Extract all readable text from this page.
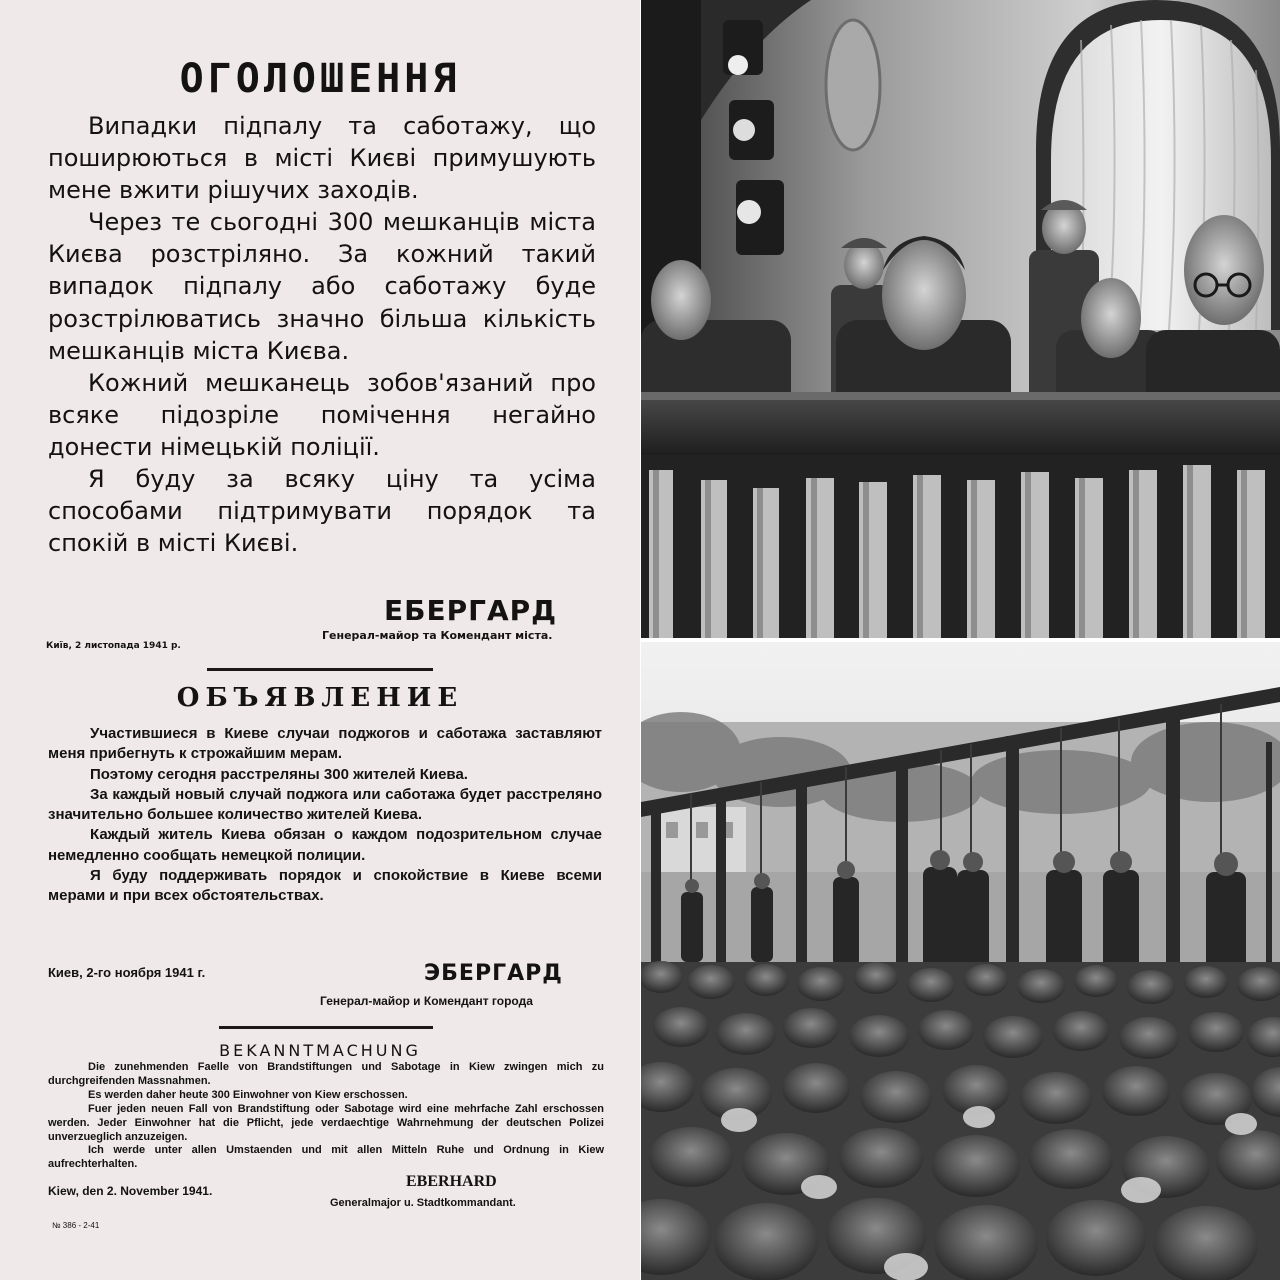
ОГОЛОШЕННЯ

Випадки підпалу та саботажу, що поширюються в місті Києві примушують мене вжити рішучих заходів.

Через те сьогодні 300 мешканців міста Києва розстріляно. За кожний такий випадок підпалу або саботажу буде розстрілюватись значно більша кількість мешканців міста Києва.

Кожний мешканець зобов'язаний про всяке підозріле помічення негайно донести німецькій поліції.

Я буду за всяку ціну та усіма способами підтримувати порядок та спокій в місті Києві.

ЕБЕРГАРД
Генерал-майор та Комендант міста.
Київ, 2 листопада 1941 р.
ОБЪЯВЛЕНИЕ

Участившиеся в Киеве случаи поджогов и саботажа заставляют меня прибегнуть к строжайшим мерам.

Поэтому сегодня расстреляны 300 жителей Киева.

За каждый новый случай поджога или саботажа будет расстреляно значительно большее количество жителей Киева.

Каждый житель Киева обязан о каждом подозрительном случае немедленно сообщать немецкой полиции.

Я буду поддерживать порядок и спокойствие в Киеве всеми мерами и при всех обстоятельствах.

Киев, 2-го ноября 1941 г.	ЭБЕРГАРД
Генерал-майор и Комендант города
BEKANNTMACHUNG

Die zunehmenden Faelle von Brandstiftungen und Sabotage in Kiew zwingen mich zu durchgreifenden Massnahmen.

Es werden daher heute 300 Einwohner von Kiew erschossen.

Fuer jeden neuen Fall von Brandstiftung oder Sabotage wird eine mehrfache Zahl erschossen werden. Jeder Einwohner hat die Pflicht, jede verdaechtige Wahrnehmung der deutschen Polizei unverzueglich anzuzeigen.

Ich werde unter allen Umstaenden und mit allen Mitteln Ruhe und Ordnung in Kiew aufrechterhalten.

Kiew, den 2. November 1941.
EBERHARD
Generalmajor u. Stadtkommandant.
№ 386 - 2-41
